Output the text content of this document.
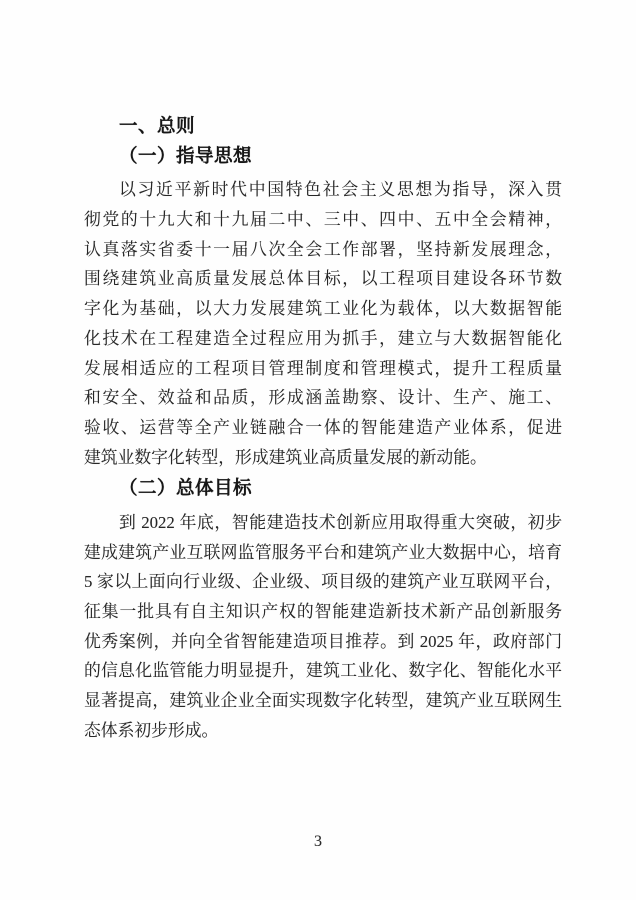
一、总则
（一）指导思想
以习近平新时代中国特色社会主义思想为指导，深入贯
彻党的十九大和十九届二中、三中、四中、五中全会精神，
认真落实省委十一届八次全会工作部署，坚持新发展理念，
围绕建筑业高质量发展总体目标，以工程项目建设各环节数
字化为基础，以大力发展建筑工业化为载体，以大数据智能
化技术在工程建造全过程应用为抓手，建立与大数据智能化
发展相适应的工程项目管理制度和管理模式，提升工程质量
和安全、效益和品质，形成涵盖勘察、设计、生产、施工、
验收、运营等全产业链融合一体的智能建造产业体系，促进
建筑业数字化转型，形成建筑业高质量发展的新动能。
（二）总体目标
到 2022 年底，智能建造技术创新应用取得重大突破，初步
建成建筑产业互联网监管服务平台和建筑产业大数据中心，培育
5 家以上面向行业级、企业级、项目级的建筑产业互联网平台，
征集一批具有自主知识产权的智能建造新技术新产品创新服务
优秀案例，并向全省智能建造项目推荐。到 2025 年，政府部门
的信息化监管能力明显提升，建筑工业化、数字化、智能化水平
显著提高，建筑业企业全面实现数字化转型，建筑产业互联网生
态体系初步形成。
3
